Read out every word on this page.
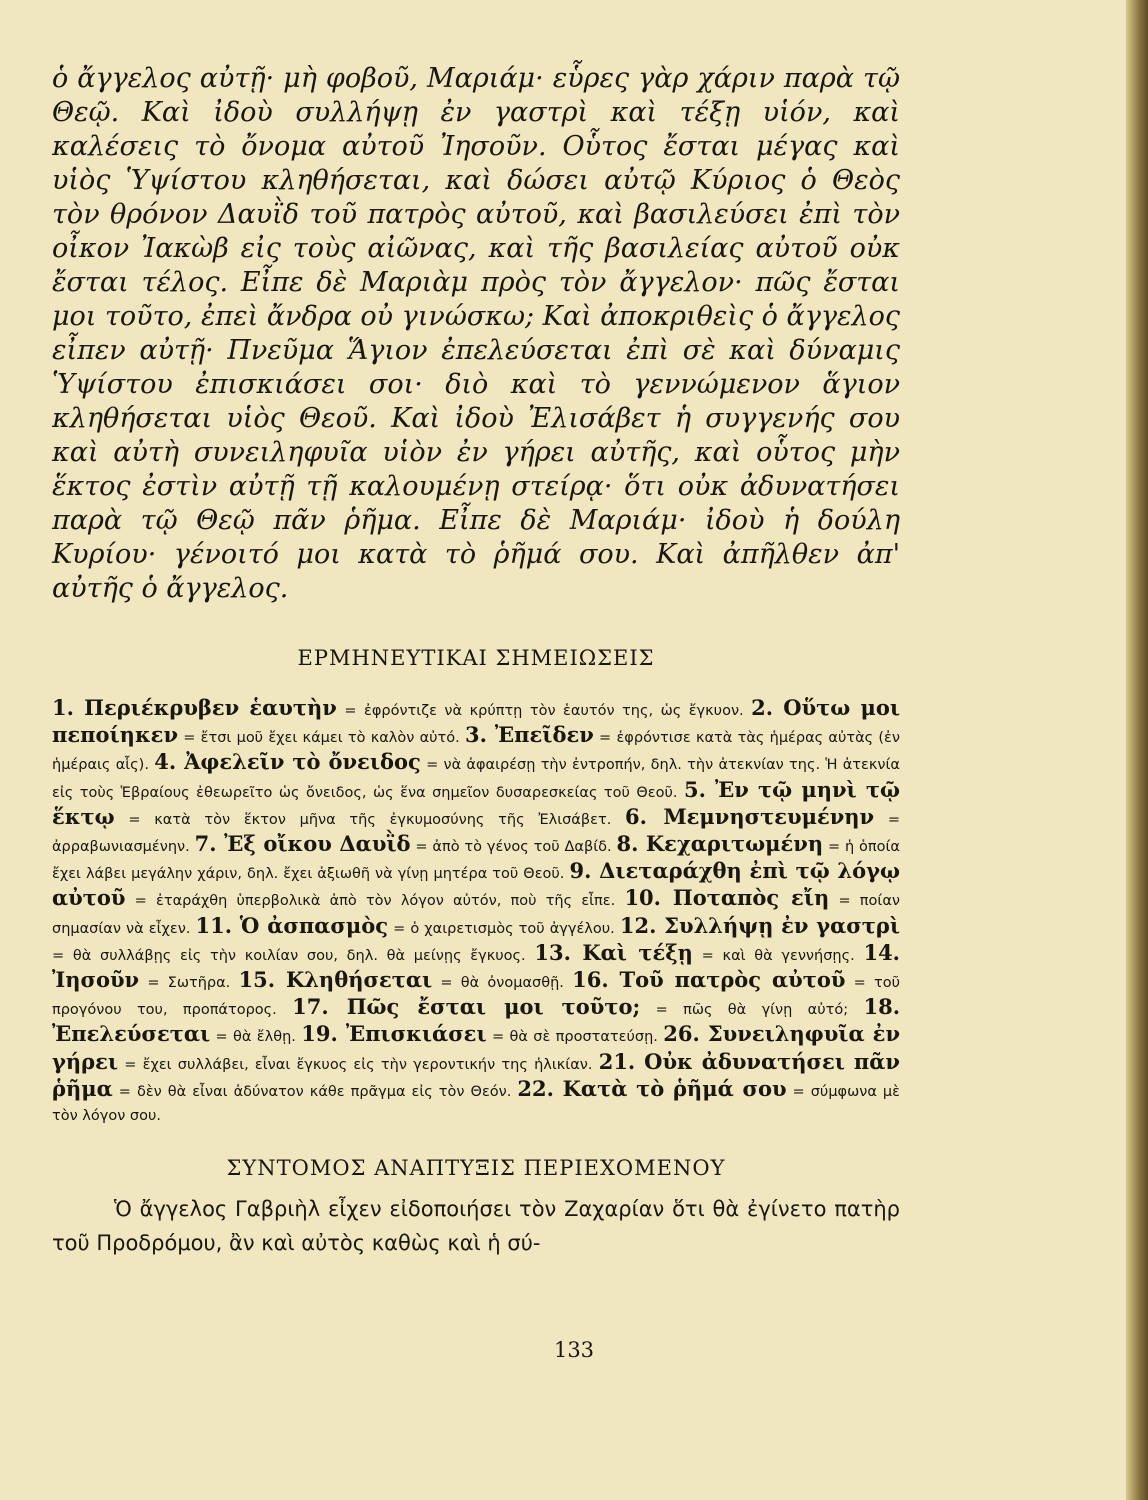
ὁ ἄγγελος αὐτῇ· μὴ φοβοῦ, Μαριάμ· εὗρες γὰρ χάριν παρὰ τῷ Θεῷ. Καὶ ἰδοὺ συλλήψῃ ἐν γαστρὶ καὶ τέξῃ υἱόν, καὶ καλέσεις τὸ ὄνομα αὐτοῦ Ἰησοῦν. Οὗτος ἔσται μέγας καὶ υἱὸς Ὑψίστου κληθήσεται, καὶ δώσει αὐτῷ Κύριος ὁ Θεὸς τὸν θρόνον Δαυῒδ τοῦ πατρὸς αὐτοῦ, καὶ βασιλεύσει ἐπὶ τὸν οἶκον Ἰακὼβ εἰς τοὺς αἰῶνας, καὶ τῆς βασιλείας αὐτοῦ οὐκ ἔσται τέλος. Εἶπε δὲ Μαριὰμ πρὸς τὸν ἄγγελον· πῶς ἔσται μοι τοῦτο, ἐπεὶ ἄνδρα οὐ γινώσκω; Καὶ ἀποκριθεὶς ὁ ἄγγελος εἶπεν αὐτῇ· Πνεῦμα Ἅγιον ἐπελεύσεται ἐπὶ σὲ καὶ δύναμις Ὑψίστου ἐπισκιάσει σοι· διὸ καὶ τὸ γεννώμενον ἅγιον κληθήσεται υἱὸς Θεοῦ. Καὶ ἰδοὺ Ἐλισάβετ ἡ συγγενής σου καὶ αὐτὴ συνειληφυῖα υἱὸν ἐν γήρει αὐτῆς, καὶ οὗτος μὴν ἕκτος ἐστὶν αὐτῇ τῇ καλουμένῃ στείρᾳ· ὅτι οὐκ ἀδυνατήσει παρὰ τῷ Θεῷ πᾶν ῥῆμα. Εἶπε δὲ Μαριάμ· ἰδοὺ ἡ δούλη Κυρίου· γένοιτό μοι κατὰ τὸ ῥῆμά σου. Καὶ ἀπῆλθεν ἀπ' αὐτῆς ὁ ἄγγελος.

ΕΡΜΗΝΕΥΤΙΚΑΙ ΣΗΜΕΙΩΣΕΙΣ

1. Περιέκρυβεν ἑαυτὴν = ἐφρόντιζε νὰ κρύπτῃ τὸν ἑαυτόν της, ὡς ἔγκυον. 2. Οὕτω μοι πεποίηκεν = ἔτσι μοῦ ἔχει κάμει τὸ καλὸν αὐτό. 3. Ἐπεῖδεν = ἐφρόντισε κατὰ τὰς ἡμέρας αὐτὰς (ἐν ἡμέραις αἷς). 4. Ἀφελεῖν τὸ ὄνειδος = νὰ ἀφαιρέσῃ τὴν ἐντροπήν, δηλ. τὴν ἀτεκνίαν της. Ἡ ἀτεκνία εἰς τοὺς Ἑβραίους ἐθεωρεῖτο ὡς ὄνειδος, ὡς ἕνα σημεῖον δυσαρεσκείας τοῦ Θεοῦ. 5. Ἐν τῷ μηνὶ τῷ ἕκτῳ = κατὰ τὸν ἕκτον μῆνα τῆς ἐγκυμοσύνης τῆς Ἐλισάβετ. 6. Μεμνηστευμένην = ἀρραβωνιασμένην. 7. Ἐξ οἴκου Δαυῒδ = ἀπὸ τὸ γένος τοῦ Δαβίδ. 8. Κεχαριτωμένη = ἡ ὁποία ἔχει λάβει μεγάλην χάριν, δηλ. ἔχει ἀξιωθῆ νὰ γίνῃ μητέρα τοῦ Θεοῦ. 9. Διεταράχθη ἐπὶ τῷ λόγῳ αὐτοῦ = ἐταράχθη ὑπερβολικὰ ἀπὸ τὸν λόγον αὐτόν, ποὺ τῆς εἶπε. 10. Ποταπὸς εἴη = ποίαν σημασίαν νὰ εἶχεν. 11. Ὁ ἀσπασμὸς = ὁ χαιρετισμὸς τοῦ ἀγγέλου. 12. Συλλήψῃ ἐν γαστρὶ = θὰ συλλάβῃς εἰς τὴν κοιλίαν σου, δηλ. θὰ μείνῃς ἔγκυος. 13. Καὶ τέξῃ = καὶ θὰ γεννήσῃς. 14. Ἰησοῦν = Σωτῆρα. 15. Κληθήσεται = θὰ ὀνομασθῇ. 16. Τοῦ πατρὸς αὐτοῦ = τοῦ προγόνου του, προπάτορος. 17. Πῶς ἔσται μοι τοῦτο; = πῶς θὰ γίνῃ αὐτό; 18. Ἐπελεύσεται = θὰ ἔλθῃ. 19. Ἐπισκιάσει = θὰ σὲ προστατεύσῃ. 26. Συνειληφυῖα ἐν γήρει = ἔχει συλλάβει, εἶναι ἔγκυος εἰς τὴν γεροντικήν της ἡλικίαν. 21. Οὐκ ἀδυνατήσει πᾶν ῥῆμα = δὲν θὰ εἶναι ἀδύνατον κάθε πρᾶγμα εἰς τὸν Θεόν. 22. Κατὰ τὸ ῥῆμά σου = σύμφωνα μὲ τὸν λόγον σου.

ΣΥΝΤΟΜΟΣ ΑΝΑΠΤΥΞΙΣ ΠΕΡΙΕΧΟΜΕΝΟΥ

Ὁ ἄγγελος Γαβριὴλ εἶχεν εἰδοποιήσει τὸν Ζαχαρίαν ὅτι θὰ ἐγίνετο πατὴρ τοῦ Προδρόμου, ἂν καὶ αὐτὸς καθὼς καὶ ἡ σύ-

133
